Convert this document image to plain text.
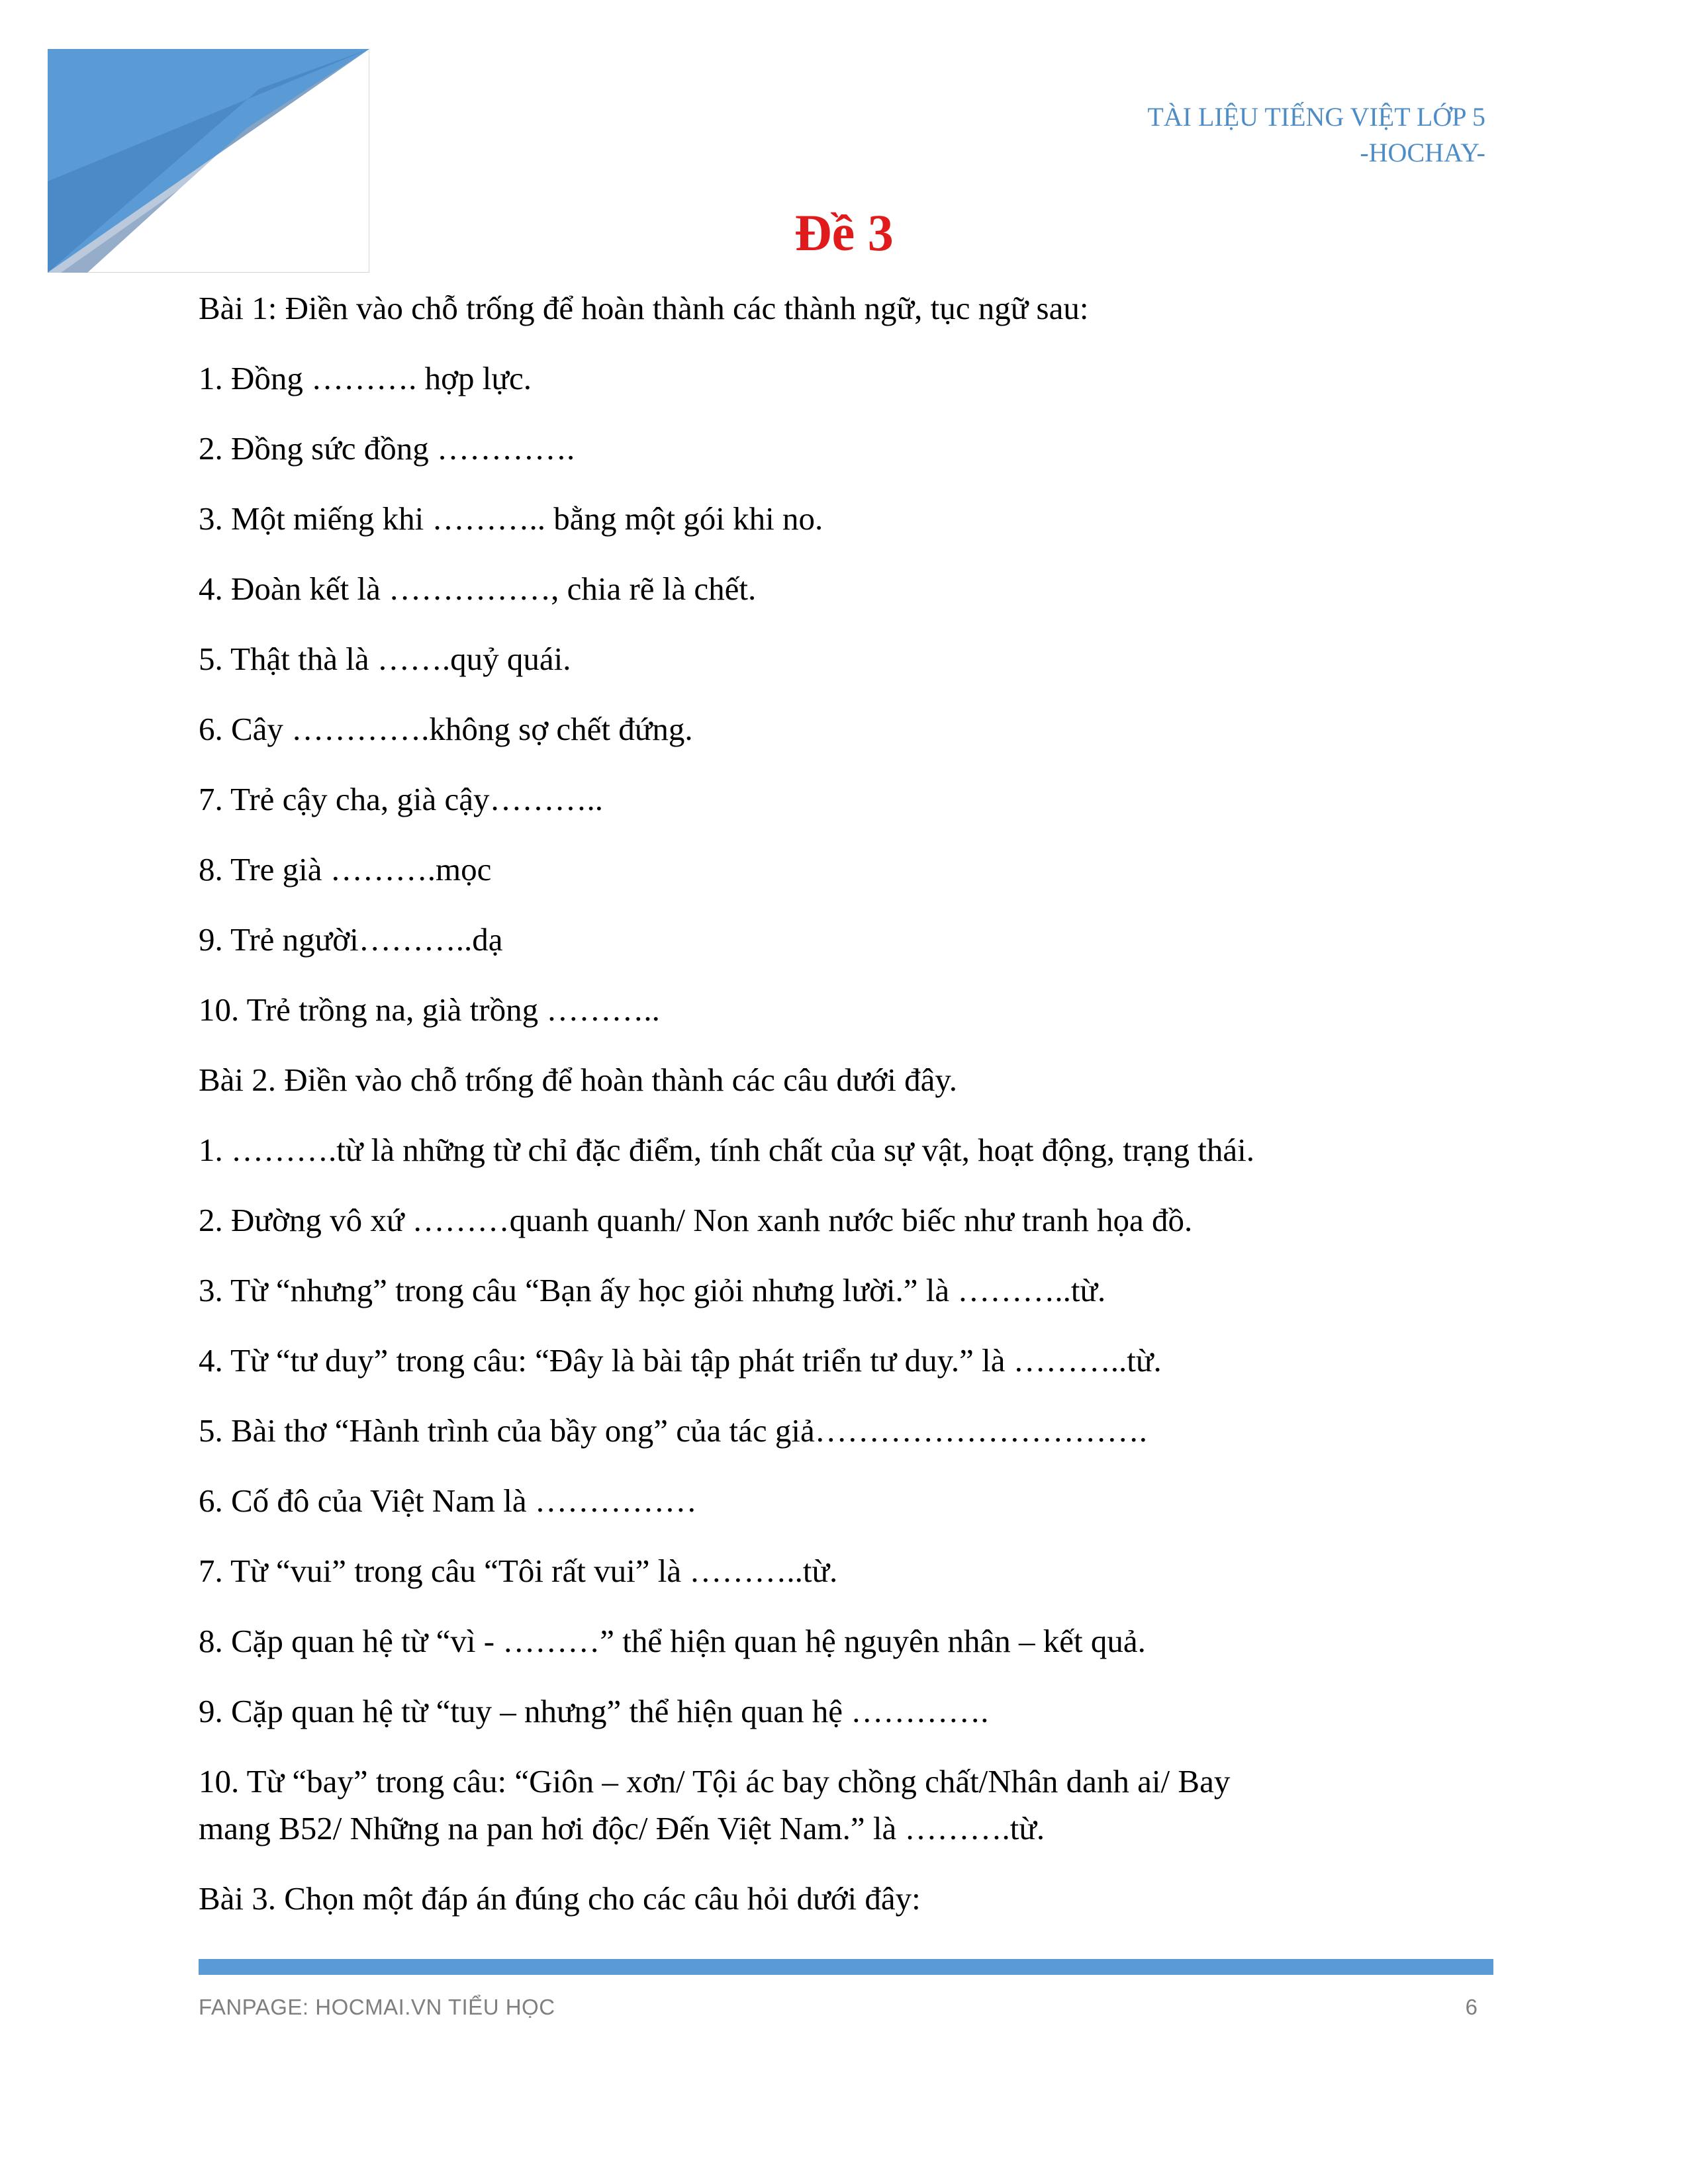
TÀI LIỆU TIẾNG VIỆT LỚP 5
-HOCHAY-
Đề 3
Bài 1: Điền vào chỗ trống để hoàn thành các thành ngữ, tục ngữ sau:
1. Đồng ………. hợp lực.
2. Đồng sức đồng ………….
3. Một miếng khi ……….. bằng một gói khi no.
4. Đoàn kết là ……………, chia rẽ là chết.
5. Thật thà là …….quỷ quái.
6. Cây ………….không sợ chết đứng.
7. Trẻ cậy cha, già cậy………..
8. Tre già ……….mọc
9. Trẻ người………..dạ
10. Trẻ trồng na, già trồng ………..
Bài 2. Điền vào chỗ trống để hoàn thành các câu dưới đây.
1. ……….từ là những từ chỉ đặc điểm, tính chất của sự vật, hoạt động, trạng thái.
2. Đường vô xứ ………quanh quanh/ Non xanh nước biếc như tranh họa đồ.
3. Từ “nhưng” trong câu “Bạn ấy học giỏi nhưng lười.” là ………..từ.
4. Từ “tư duy” trong câu: “Đây là bài tập phát triển tư duy.” là ………..từ.
5. Bài thơ “Hành trình của bầy ong” của tác giả………………………….
6. Cố đô của Việt Nam là ……………
7. Từ “vui” trong câu “Tôi rất vui” là ………..từ.
8. Cặp quan hệ từ “vì - ………” thể hiện quan hệ nguyên nhân – kết quả.
9. Cặp quan hệ từ “tuy – nhưng” thể hiện quan hệ ………….
10. Từ “bay” trong câu: “Giôn – xơn/ Tội ác bay chồng chất/Nhân danh ai/ Bay
mang B52/ Những na pan hơi độc/ Đến Việt Nam.” là ……….từ.
Bài 3. Chọn một đáp án đúng cho các câu hỏi dưới đây:
FANPAGE: HOCMAI.VN TIỂU HỌC	6
